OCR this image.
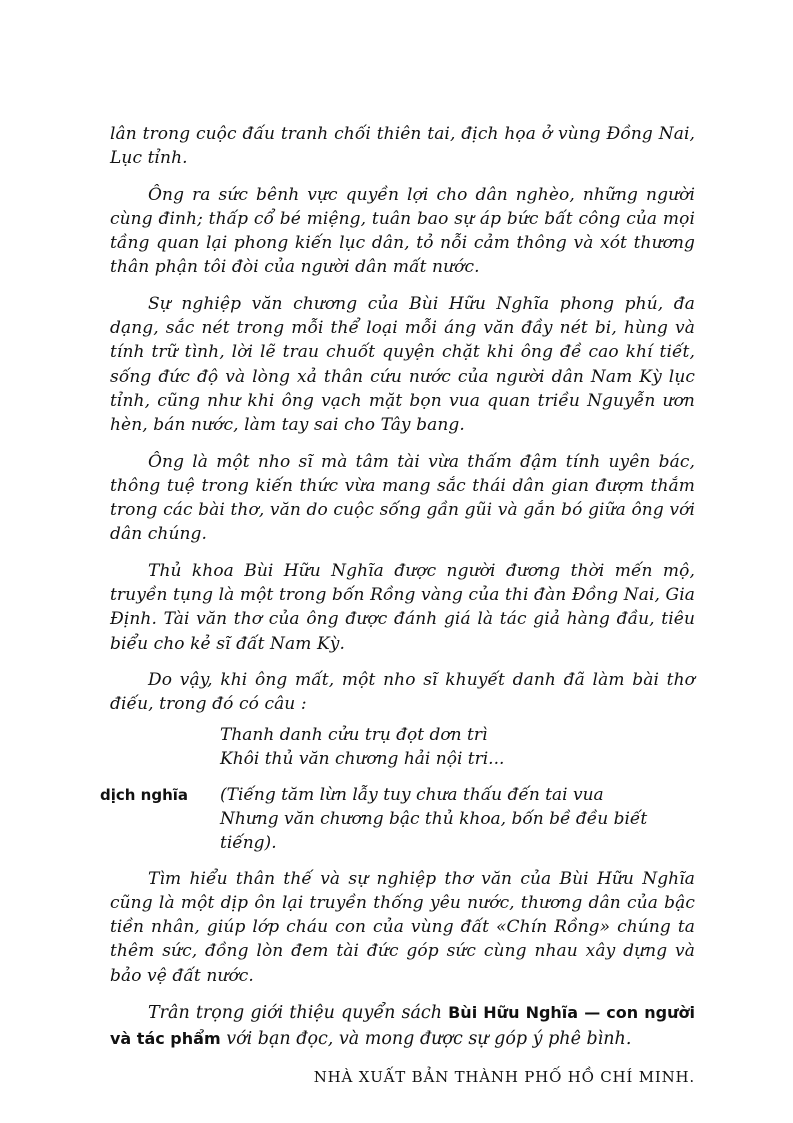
lân trong cuộc đấu tranh chối thiên tai, địch họa ở vùng Đồng Nai, Lục tỉnh.

Ông ra sức bênh vực quyền lợi cho dân nghèo, những người cùng đinh; thấp cổ bé miệng, tuân bao sự áp bức bất công của mọi tầng quan lại phong kiến lục dân, tỏ nỗi cảm thông và xót thương thân phận tôi đòi của người dân mất nước.

Sự nghiệp văn chương của Bùi Hữu Nghĩa phong phú, đa dạng, sắc nét trong mỗi thể loại mỗi áng văn đầy nét bi, hùng và tính trữ tình, lời lẽ trau chuốt quyện chặt khi ông đề cao khí tiết, sống đức độ và lòng xả thân cứu nước của người dân Nam Kỳ lục tỉnh, cũng như khi ông vạch mặt bọn vua quan triều Nguyễn ươn hèn, bán nước, làm tay sai cho Tây bang.

Ông là một nho sĩ mà tâm tài vừa thấm đậm tính uyên bác, thông tuệ trong kiến thức vừa mang sắc thái dân gian đượm thắm trong các bài thơ, văn do cuộc sống gần gũi và gắn bó giữa ông với dân chúng.

Thủ khoa Bùi Hữu Nghĩa được người đương thời mến mộ, truyền tụng là một trong bốn Rồng vàng của thi đàn Đồng Nai, Gia Định. Tài văn thơ của ông được đánh giá là tác giả hàng đầu, tiêu biểu cho kẻ sĩ đất Nam Kỳ.

Do vậy, khi ông mất, một nho sĩ khuyết danh đã làm bài thơ điếu, trong đó có câu :

Thanh danh cửu trụ đọt dơn trì
Khôi thủ văn chương hải nội tri...
dịch nghĩa (Tiếng tăm lừn lẫy tuy chưa thấu đến tai vua
Nhưng văn chương bậc thủ khoa, bốn bề đều biết tiếng).

Tìm hiểu thân thế và sự nghiệp thơ văn của Bùi Hữu Nghĩa cũng là một dịp ôn lại truyền thống yêu nước, thương dân của bậc tiền nhân, giúp lớp cháu con của vùng đất «Chín Rồng» chúng ta thêm sức, đồng lòn đem tài đức góp sức cùng nhau xây dựng và bảo vệ đất nước.

Trân trọng giới thiệu quyển sách Bùi Hữu Nghĩa — con người và tác phẩm với bạn đọc, và mong được sự góp ý phê bình.

NHÀ XUẤT BẢN THÀNH PHỐ HỒ CHÍ MINH.
